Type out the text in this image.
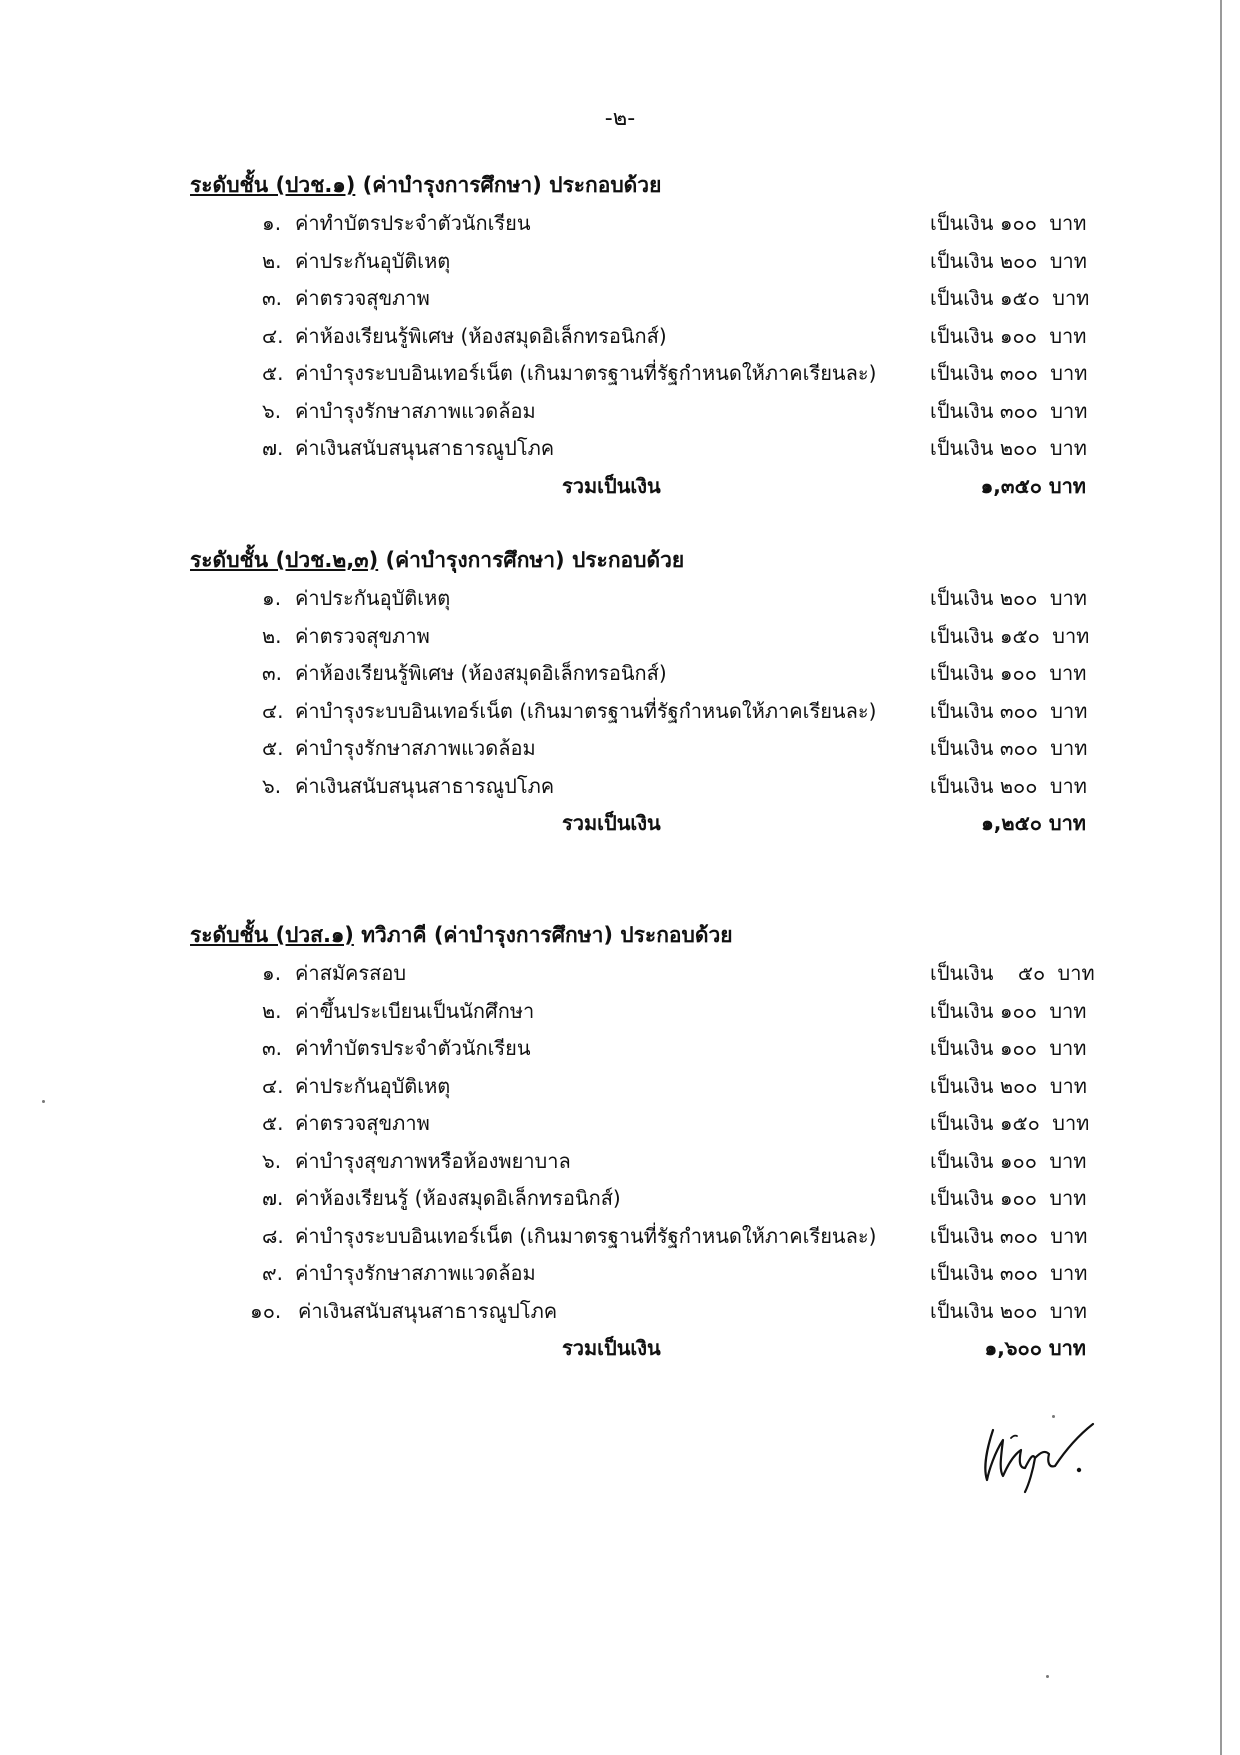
-๒-
ระดับชั้น (ปวช.๑) (ค่าบำรุงการศึกษา) ประกอบด้วย
๑. ค่าทำบัตรประจำตัวนักเรียน	เป็นเงิน ๑๐๐ บาท
๒. ค่าประกันอุบัติเหตุ	เป็นเงิน ๒๐๐ บาท
๓. ค่าตรวจสุขภาพ	เป็นเงิน ๑๕๐ บาท
๔. ค่าห้องเรียนรู้พิเศษ (ห้องสมุดอิเล็กทรอนิกส์)	เป็นเงิน ๑๐๐ บาท
๕. ค่าบำรุงระบบอินเทอร์เน็ต (เกินมาตรฐานที่รัฐกำหนดให้ภาคเรียนละ)	เป็นเงิน ๓๐๐ บาท
๖. ค่าบำรุงรักษาสภาพแวดล้อม	เป็นเงิน ๓๐๐ บาท
๗. ค่าเงินสนับสนุนสาธารณูปโภค	เป็นเงิน ๒๐๐ บาท
รวมเป็นเงิน	๑,๓๕๐ บาท
ระดับชั้น (ปวช.๒,๓) (ค่าบำรุงการศึกษา) ประกอบด้วย
๑. ค่าประกันอุบัติเหตุ	เป็นเงิน ๒๐๐ บาท
๒. ค่าตรวจสุขภาพ	เป็นเงิน ๑๕๐ บาท
๓. ค่าห้องเรียนรู้พิเศษ (ห้องสมุดอิเล็กทรอนิกส์)	เป็นเงิน ๑๐๐ บาท
๔. ค่าบำรุงระบบอินเทอร์เน็ต (เกินมาตรฐานที่รัฐกำหนดให้ภาคเรียนละ)	เป็นเงิน ๓๐๐ บาท
๕. ค่าบำรุงรักษาสภาพแวดล้อม	เป็นเงิน ๓๐๐ บาท
๖. ค่าเงินสนับสนุนสาธารณูปโภค	เป็นเงิน ๒๐๐ บาท
รวมเป็นเงิน	๑,๒๕๐ บาท
ระดับชั้น (ปวส.๑) ทวิภาคี (ค่าบำรุงการศึกษา) ประกอบด้วย
๑. ค่าสมัครสอบ	เป็นเงิน ๕๐ บาท
๒. ค่าขึ้นประเบียนเป็นนักศึกษา	เป็นเงิน ๑๐๐ บาท
๓. ค่าทำบัตรประจำตัวนักเรียน	เป็นเงิน ๑๐๐ บาท
๔. ค่าประกันอุบัติเหตุ	เป็นเงิน ๒๐๐ บาท
๕. ค่าตรวจสุขภาพ	เป็นเงิน ๑๕๐ บาท
๖. ค่าบำรุงสุขภาพหรือห้องพยาบาล	เป็นเงิน ๑๐๐ บาท
๗. ค่าห้องเรียนรู้ (ห้องสมุดอิเล็กทรอนิกส์)	เป็นเงิน ๑๐๐ บาท
๘. ค่าบำรุงระบบอินเทอร์เน็ต (เกินมาตรฐานที่รัฐกำหนดให้ภาคเรียนละ)	เป็นเงิน ๓๐๐ บาท
๙. ค่าบำรุงรักษาสภาพแวดล้อม	เป็นเงิน ๓๐๐ บาท
๑๐. ค่าเงินสนับสนุนสาธารณูปโภค	เป็นเงิน ๒๐๐ บาท
รวมเป็นเงิน	๑,๖๐๐ บาท
